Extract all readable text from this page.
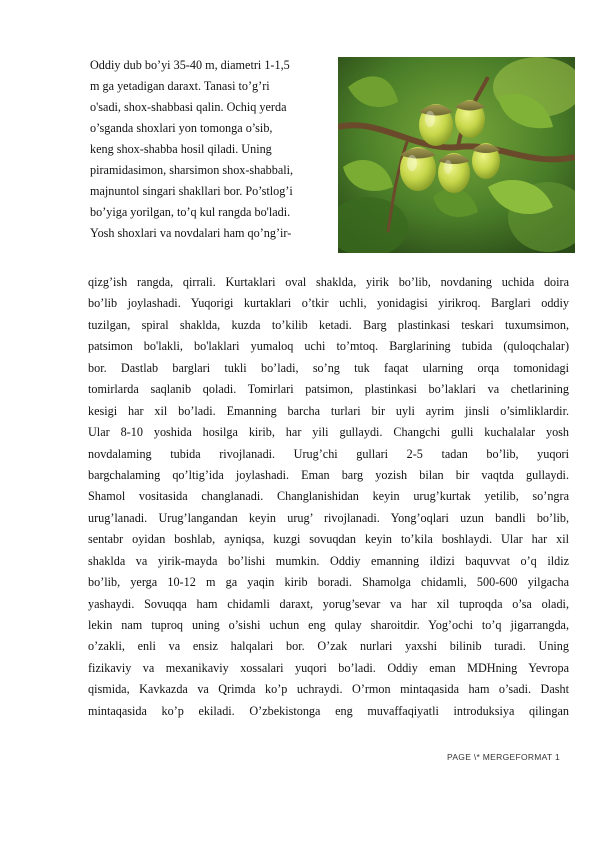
Oddiy dub bo’yi 35-40 m, diametri 1-1,5
m ga yetadigan daraxt. Tanasi to’g’ri
o'sadi, shox-shabbasi qalin. Ochiq yerda
o’sganda shoxlari yon tomonga o’sib,
keng shox-shabba hosil qiladi. Uning
piramidasimon, sharsimon shox-shabbali,
majnuntol singari shakllari bor. Po’stlog’i
bo’yiga yorilgan, to’q kul rangda bo'ladi.
Yosh shoxlari va novdalari ham qo’ng’ir-
qizg’ish rangda, qirrali. Kurtaklari oval shaklda, yirik bo’lib, novdaning uchida doira
bo’lib joylashadi. Yuqorigi kurtaklari o’tkir uchli, yonidagisi yirikroq. Barglari oddiy
tuzilgan, spiral shaklda, kuzda to’kilib ketadi. Barg plastinkasi teskari tuxumsimon,
patsimon bo'lakli, bo'laklari yumaloq uchi to’mtoq. Barglarining tubida (quloqchalar)
bor. Dastlab barglari tukli bo’ladi, so’ng tuk faqat ularning orqa tomonidagi
tomirlarda saqlanib qoladi. Tomirlari patsimon, plastinkasi bo’laklari va chetlarining
kesigi har xil bo’ladi. Emanning barcha turlari bir uyli ayrim jinsli o’simliklardir.
Ular 8-10 yoshida hosilga kirib, har yili gullaydi. Changchi gulli kuchalalar yosh
novdalaming tubida rivojlanadi. Urug’chi gullari 2-5 tadan bo’lib, yuqori
bargchalaming qo’ltig’ida joylashadi. Eman barg yozish bilan bir vaqtda gullaydi.
Shamol vositasida changlanadi. Changlanishidan keyin urug’kurtak yetilib, so’ngra
urug’lanadi. Urug’langandan keyin urug’ rivojlanadi. Yong’oqlari uzun bandli bo’lib,
sentabr oyidan boshlab, ayniqsa, kuzgi sovuqdan keyin to’kila boshlaydi. Ular har xil
shaklda va yirik-mayda bo’lishi mumkin. Oddiy emanning ildizi baquvvat o’q ildiz
bo’lib, yerga 10-12 m ga yaqin kirib boradi. Shamolga chidamli, 500-600 yilgacha
yashaydi. Sovuqqa ham chidamli daraxt, yorug’sevar va har xil tuproqda o’sa oladi,
lekin nam tuproq uning o’sishi uchun eng qulay sharoitdir. Yog’ochi to’q jigarrangda,
o’zakli, enli va ensiz halqalari bor. O’zak nurlari yaxshi bilinib turadi. Uning
fizikaviy va mexanikaviy xossalari yuqori bo’ladi. Oddiy eman MDHning Yevropa
qismida, Kavkazda va Qrimda ko’p uchraydi. O’rmon mintaqasida ham o’sadi. Dasht
mintaqasida ko’p ekiladi. O’zbekistonga eng muvaffaqiyatli introduksiya qilingan
PAGE \* MERGEFORMAT 1
